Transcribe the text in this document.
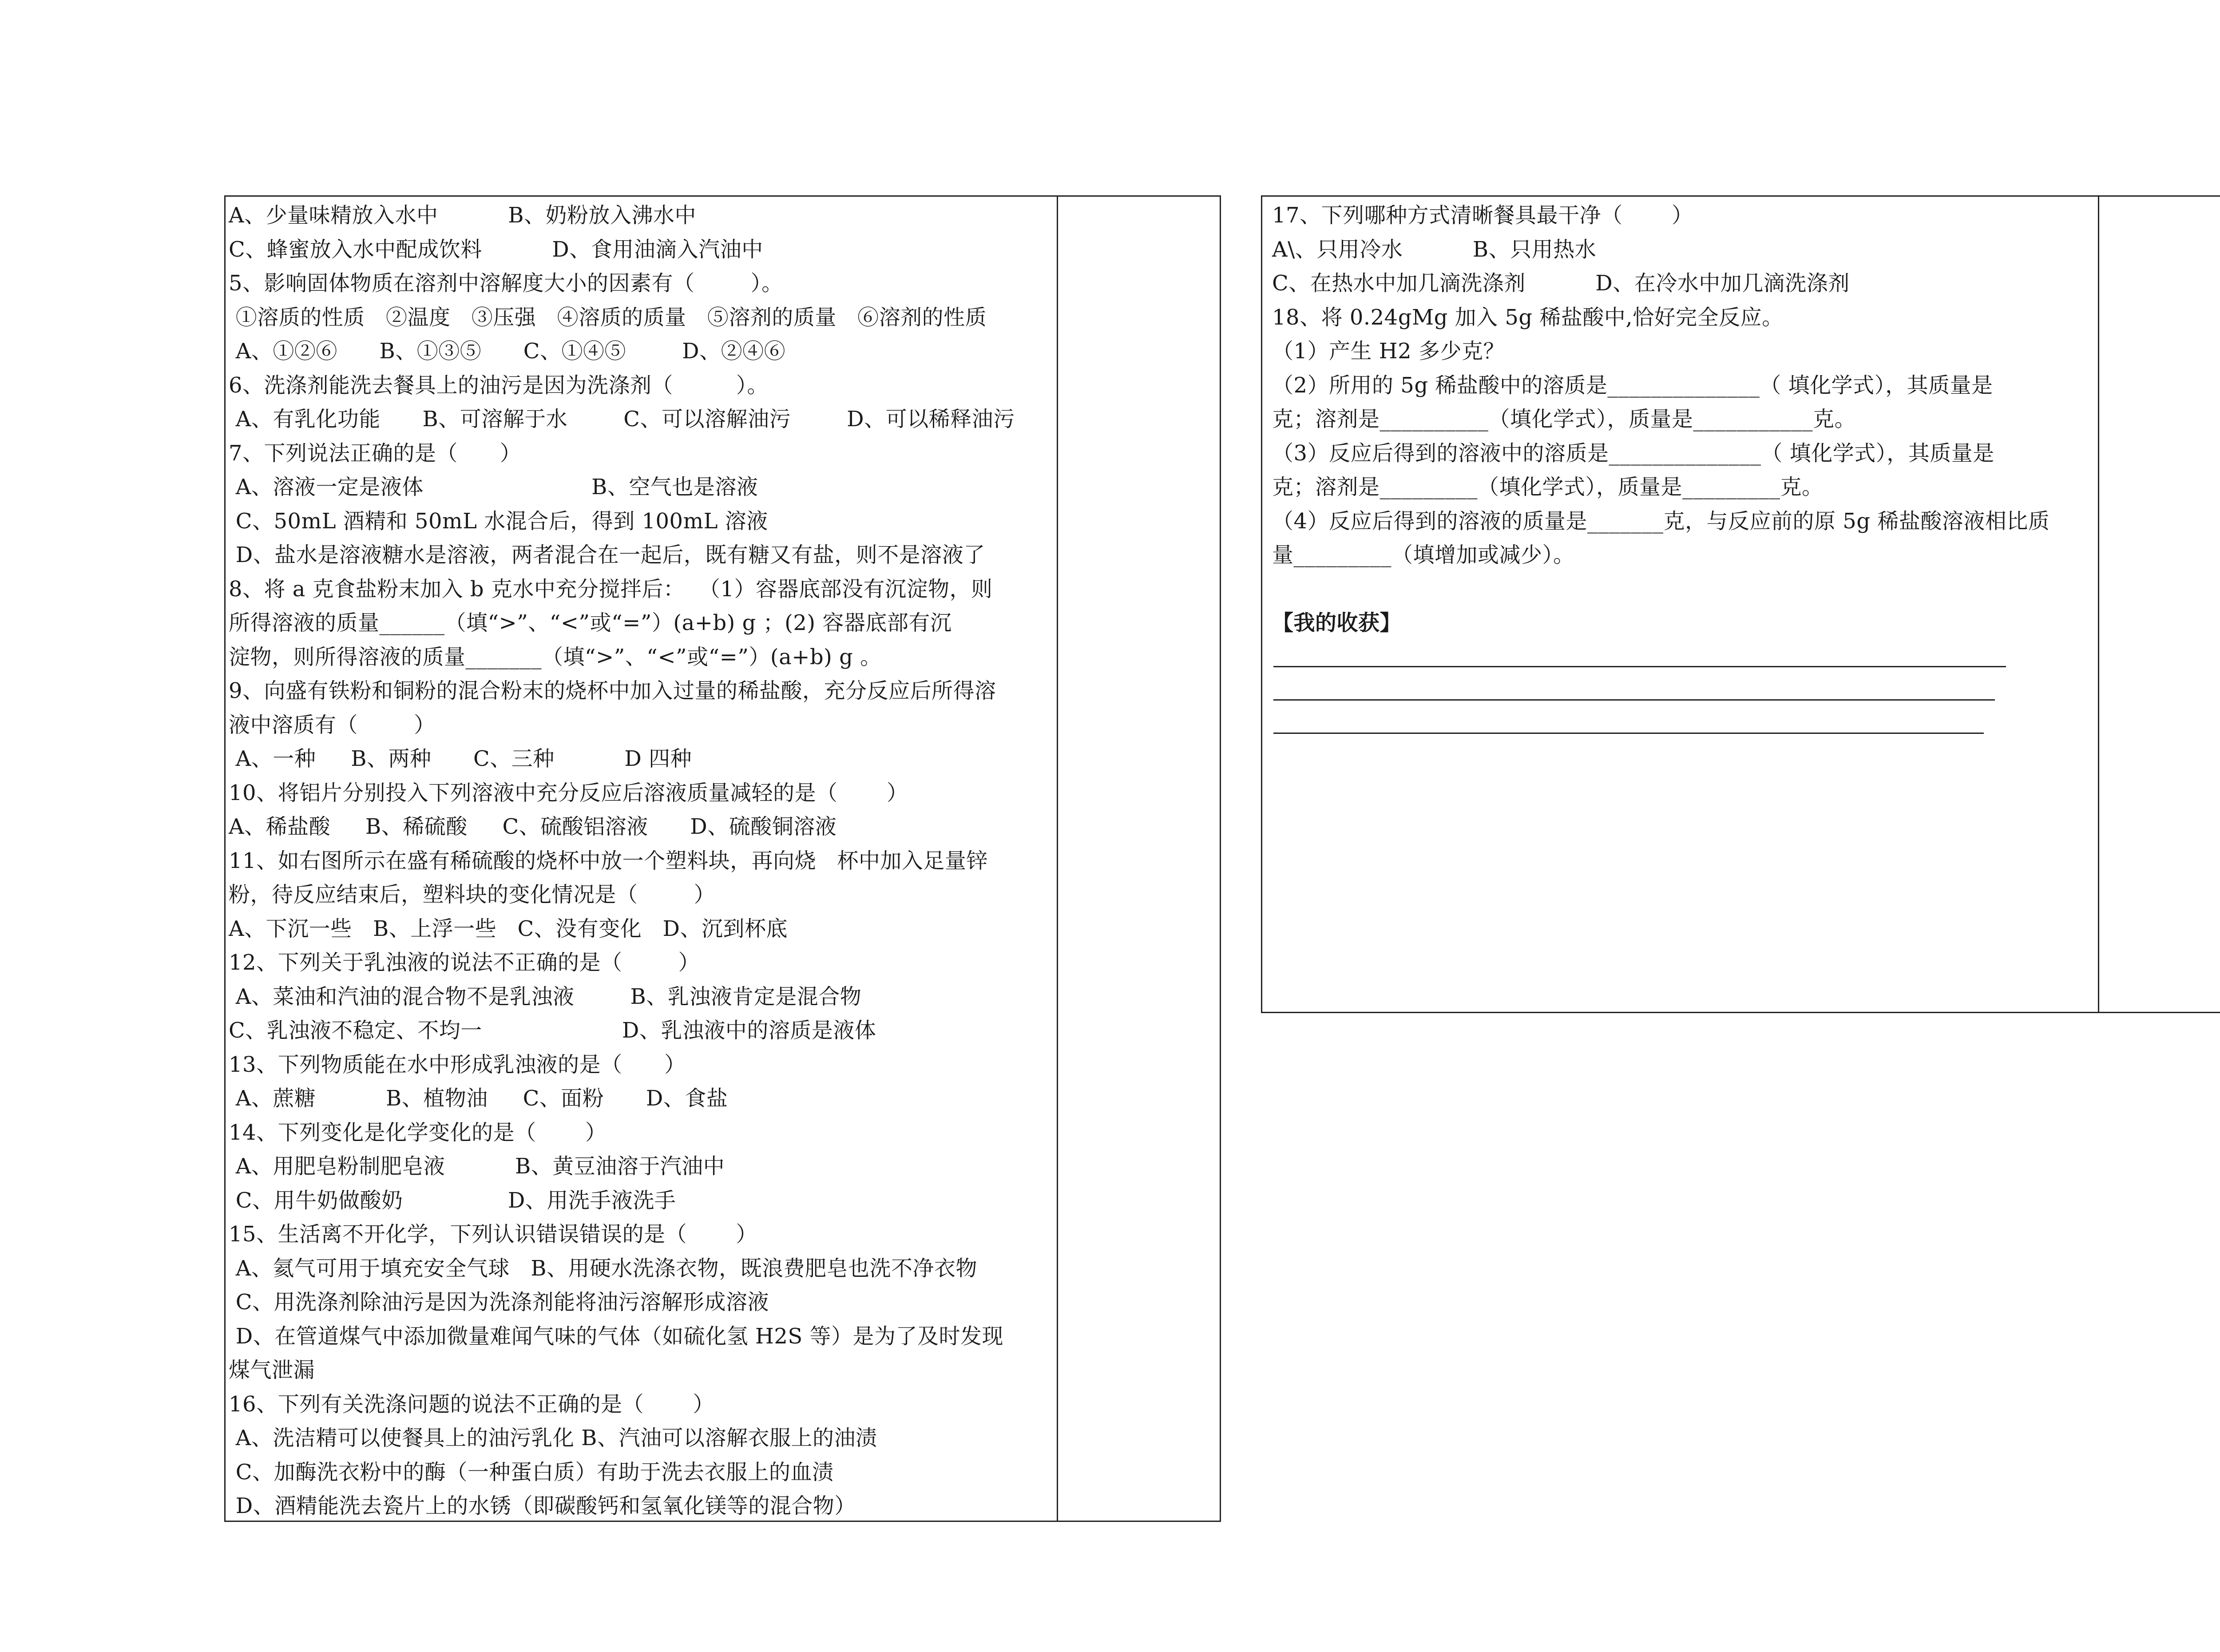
A、少量味精放入水中          B、奶粉放入沸水中
C、蜂蜜放入水中配成饮料          D、食用油滴入汽油中
5、影响固体物质在溶剂中溶解度大小的因素有（        ）。
①溶质的性质   ②温度   ③压强   ④溶质的质量   ⑤溶剂的质量   ⑥溶剂的性质
A、①②⑥      B、①③⑤      C、①④⑤        D、②④⑥
6、洗涤剂能洗去餐具上的油污是因为洗涤剂（         ）。
A、有乳化功能      B、可溶解于水        C、可以溶解油污        D、可以稀释油污
7、下列说法正确的是（      ）
A、溶液一定是液体                        B、空气也是溶液
C、50mL 酒精和 50mL 水混合后，得到 100mL 溶液
D、盐水是溶液糖水是溶液，两者混合在一起后，既有糖又有盐，则不是溶液了
8、将 a 克食盐粉末加入 b 克水中充分搅拌后：  （1）容器底部没有沉淀物，则
所得溶液的质量______（填“>”、“<”或“=”）(a+b) g ；(2) 容器底部有沉
淀物，则所得溶液的质量_______（填“>”、“<”或“=”）(a+b) g 。
9、向盛有铁粉和铜粉的混合粉末的烧杯中加入过量的稀盐酸，充分反应后所得溶
液中溶质有（        ）
A、一种     B、两种      C、三种          D 四种
10、将铝片分别投入下列溶液中充分反应后溶液质量减轻的是（       ）
A、稀盐酸     B、稀硫酸     C、硫酸铝溶液      D、硫酸铜溶液
11、如右图所示在盛有稀硫酸的烧杯中放一个塑料块，再向烧   杯中加入足量锌
粉，待反应结束后，塑料块的变化情况是（        ）
A、下沉一些   B、上浮一些   C、没有变化   D、沉到杯底
12、下列关于乳浊液的说法不正确的是（        ）
A、菜油和汽油的混合物不是乳浊液        B、乳浊液肯定是混合物
C、乳浊液不稳定、不均一                    D、乳浊液中的溶质是液体
13、下列物质能在水中形成乳浊液的是（      ）
A、蔗糖          B、植物油     C、面粉      D、食盐
14、下列变化是化学变化的是（       ）
A、用肥皂粉制肥皂液          B、黄豆油溶于汽油中
C、用牛奶做酸奶               D、用洗手液洗手
15、生活离不开化学，下列认识错误错误的是（       ）
A、氦气可用于填充安全气球   B、用硬水洗涤衣物，既浪费肥皂也洗不净衣物
C、用洗涤剂除油污是因为洗涤剂能将油污溶解形成溶液
D、在管道煤气中添加微量难闻气味的气体（如硫化氢 H2S 等）是为了及时发现
煤气泄漏
16、下列有关洗涤问题的说法不正确的是（       ）
A、洗洁精可以使餐具上的油污乳化 B、汽油可以溶解衣服上的油渍
C、加酶洗衣粉中的酶（一种蛋白质）有助于洗去衣服上的血渍
D、酒精能洗去瓷片上的水锈（即碳酸钙和氢氧化镁等的混合物）
17、下列哪种方式清晰餐具最干净（       ）
A\、只用冷水          B、只用热水
C、在热水中加几滴洗涤剂          D、在冷水中加几滴洗涤剂
18、将 0.24gMg 加入 5g 稀盐酸中,恰好完全反应。
（1）产生 H2 多少克？
（2）所用的 5g 稀盐酸中的溶质是______________（ 填化学式），其质量是
克；溶剂是__________（填化学式），质量是___________克。
（3）反应后得到的溶液中的溶质是______________（ 填化学式），其质量是
克；溶剂是_________（填化学式），质量是_________克。
（4）反应后得到的溶液的质量是_______克，与反应前的原 5g 稀盐酸溶液相比质
量_________（填增加或减少）。
【我的收获】
